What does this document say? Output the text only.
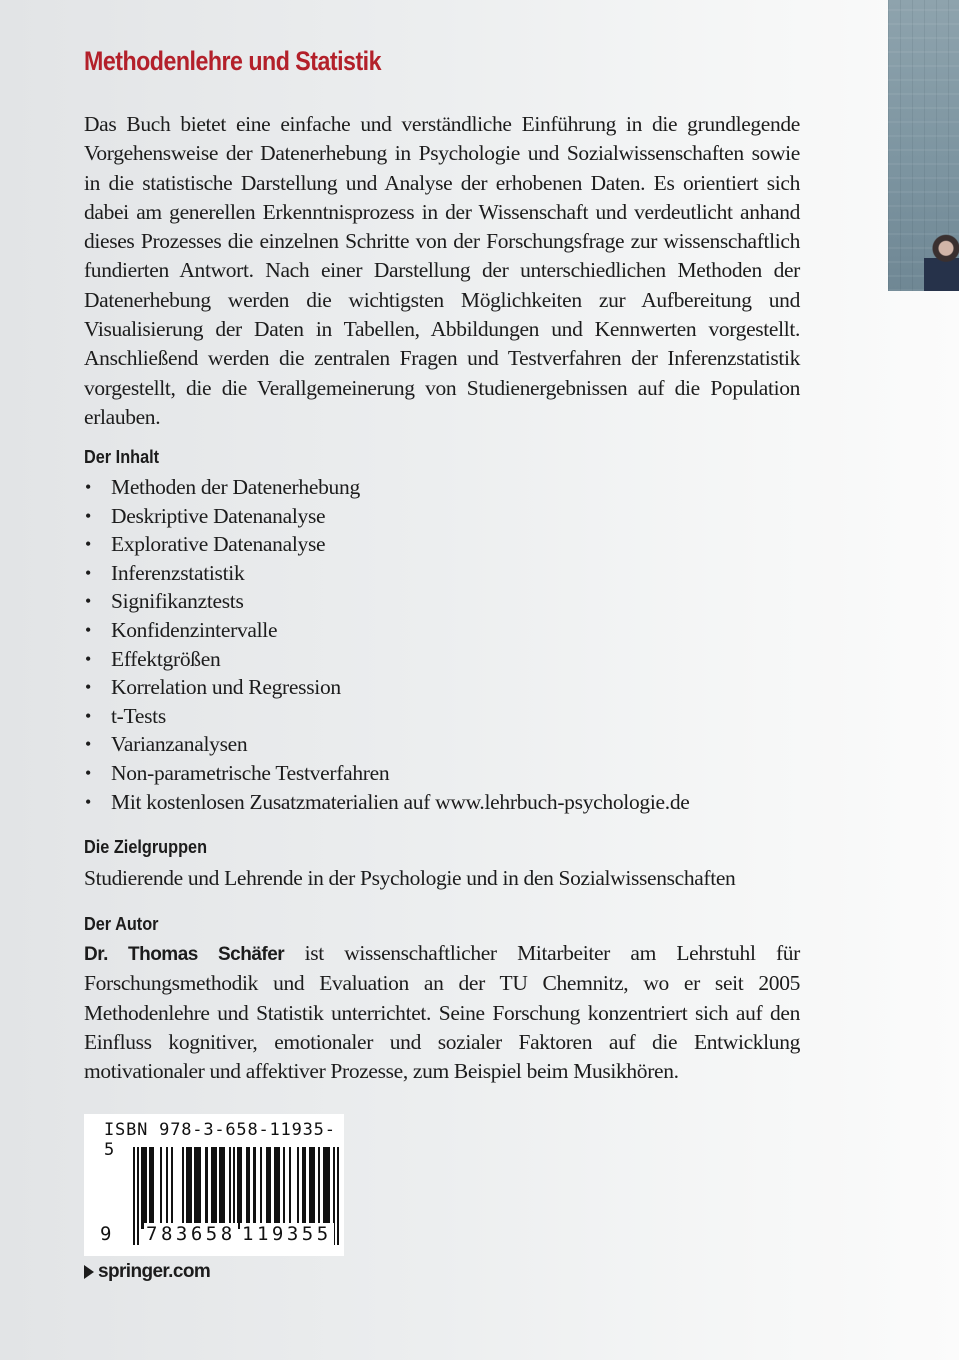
Methodenlehre und Statistik

Das Buch bietet eine einfache und verständliche Einführung in die grundlegende Vorgehensweise der Datenerhebung in Psychologie und Sozialwissenschaften sowie in die statistische Darstellung und Analyse der erhobenen Daten. Es orientiert sich dabei am generellen Erkenntnisprozess in der Wissenschaft und verdeutlicht anhand dieses Prozesses die einzelnen Schritte von der Forschungsfrage zur wissenschaftlich fundierten Antwort. Nach einer Darstellung der unterschiedlichen Methoden der Datenerhebung werden die wichtigsten Möglichkeiten zur Aufbereitung und Visualisierung der Daten in Tabellen, Abbildungen und Kennwerten vorgestellt. Anschließend werden die zentralen Fragen und Testverfahren der Inferenzstatistik vorgestellt, die die Verallgemeinerung von Studienergebnissen auf die Population erlauben.

Der Inhalt
• Methoden der Datenerhebung
• Deskriptive Datenanalyse
• Explorative Datenanalyse
• Inferenzstatistik
• Signifikanztests
• Konfidenzintervalle
• Effektgrößen
• Korrelation und Regression
• t-Tests
• Varianzanalysen
• Non-parametrische Testverfahren
• Mit kostenlosen Zusatzmaterialien auf www.lehrbuch-psychologie.de
Die Zielgruppen

Studierende und Lehrende in der Psychologie und in den Sozialwissenschaften

Der Autor

Dr. Thomas Schäfer ist wissenschaftlicher Mitarbeiter am Lehrstuhl für Forschungsmethodik und Evaluation an der TU Chemnitz, wo er seit 2005 Methodenlehre und Statistik unterrichtet. Seine Forschung konzentriert sich auf den Einfluss kognitiver, emotionaler und sozialer Faktoren auf die Entwicklung motivationaler und affektiver Prozesse, zum Beispiel beim Musikhören.

ISBN 978-3-658-11935-5
9 783658 119355
springer.com
